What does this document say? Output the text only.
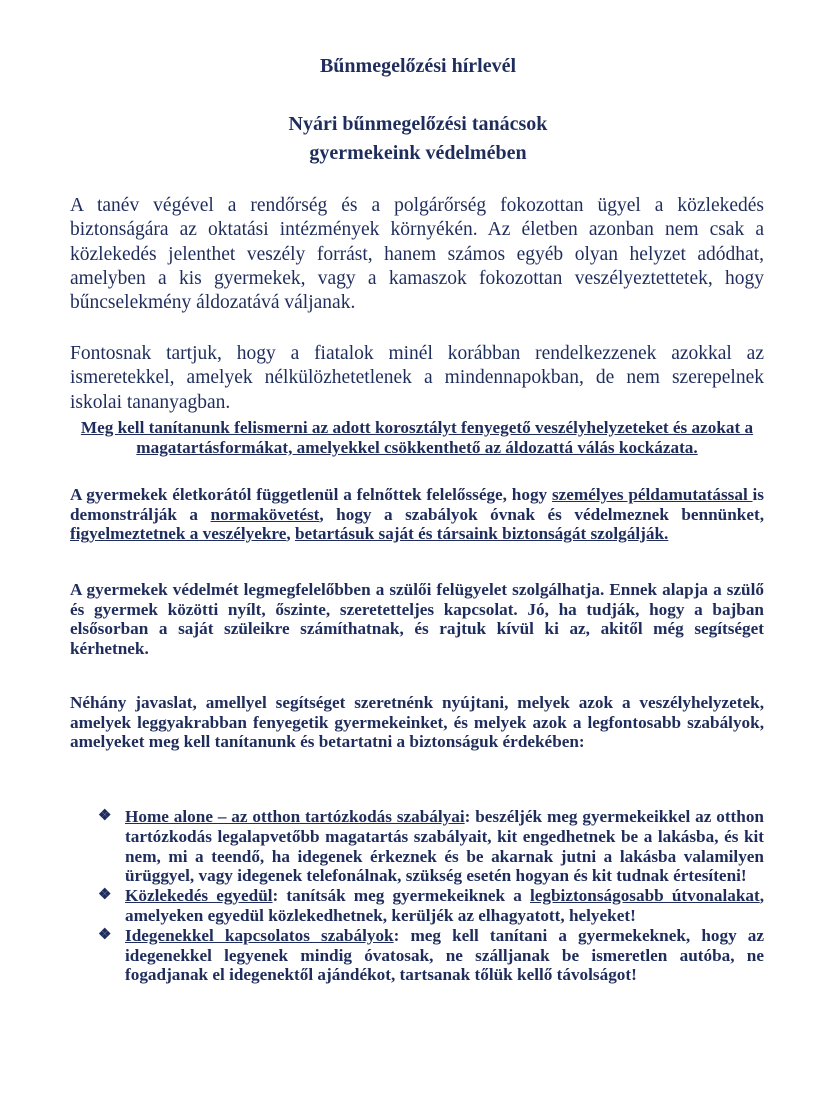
Bűnmegelőzési hírlevél
Nyári bűnmegelőzési tanácsok
gyermekeink védelmében
A tanév végével a rendőrség és a polgárőrség fokozottan ügyel a közlekedés biztonságára az oktatási intézmények környékén. Az életben azonban nem csak a közlekedés jelenthet veszély forrást, hanem számos egyéb olyan helyzet adódhat, amelyben a kis gyermekek, vagy a kamaszok fokozottan veszélyeztettetek, hogy bűncselekmény áldozatává váljanak.
Fontosnak tartjuk, hogy a fiatalok minél korábban rendelkezzenek azokkal az ismeretekkel, amelyek nélkülözhetetlenek a mindennapokban, de nem szerepelnek iskolai tananyagban.
Meg kell tanítanunk felismerni az adott korosztályt fenyegető veszélyhelyzeteket és azokat a magatartásformákat, amelyekkel csökkenthető az áldozattá válás kockázata.
A gyermekek életkorától függetlenül a felnőttek felelőssége, hogy személyes példamutatással is demonstrálják a normakövetést, hogy a szabályok óvnak és védelmeznek bennünket, figyelmeztetnek a veszélyekre, betartásuk saját és társaink biztonságát szolgálják.
A gyermekek védelmét legmegfelelőbben a szülői felügyelet szolgálhatja. Ennek alapja a szülő és gyermek közötti nyílt, őszinte, szeretetteljes kapcsolat. Jó, ha tudják, hogy a bajban elsősorban a saját szüleikre számíthatnak, és rajtuk kívül ki az, akitől még segítséget kérhetnek.
Néhány javaslat, amellyel segítséget szeretnénk nyújtani, melyek azok a veszélyhelyzetek, amelyek leggyakrabban fenyegetik gyermekeinket, és melyek azok a legfontosabb szabályok, amelyeket meg kell tanítanunk és betartatni a biztonságuk érdekében:
❖ Home alone – az otthon tartózkodás szabályai: beszéljék meg gyermekeikkel az otthon tartózkodás legalapvetőbb magatartás szabályait, kit engedhetnek be a lakásba, és kit nem, mi a teendő, ha idegenek érkeznek és be akarnak jutni a lakásba valamilyen ürüggyel, vagy idegenek telefonálnak, szükség esetén hogyan és kit tudnak értesíteni!
❖ Közlekedés egyedül: tanítsák meg gyermekeiknek a legbiztonságosabb útvonalakat, amelyeken egyedül közlekedhetnek, kerüljék az elhagyatott, helyeket!
❖ Idegenekkel kapcsolatos szabályok: meg kell tanítani a gyermekeknek, hogy az idegenekkel legyenek mindig óvatosak, ne szálljanak be ismeretlen autóba, ne fogadjanak el idegenektől ajándékot, tartsanak tőlük kellő távolságot!
